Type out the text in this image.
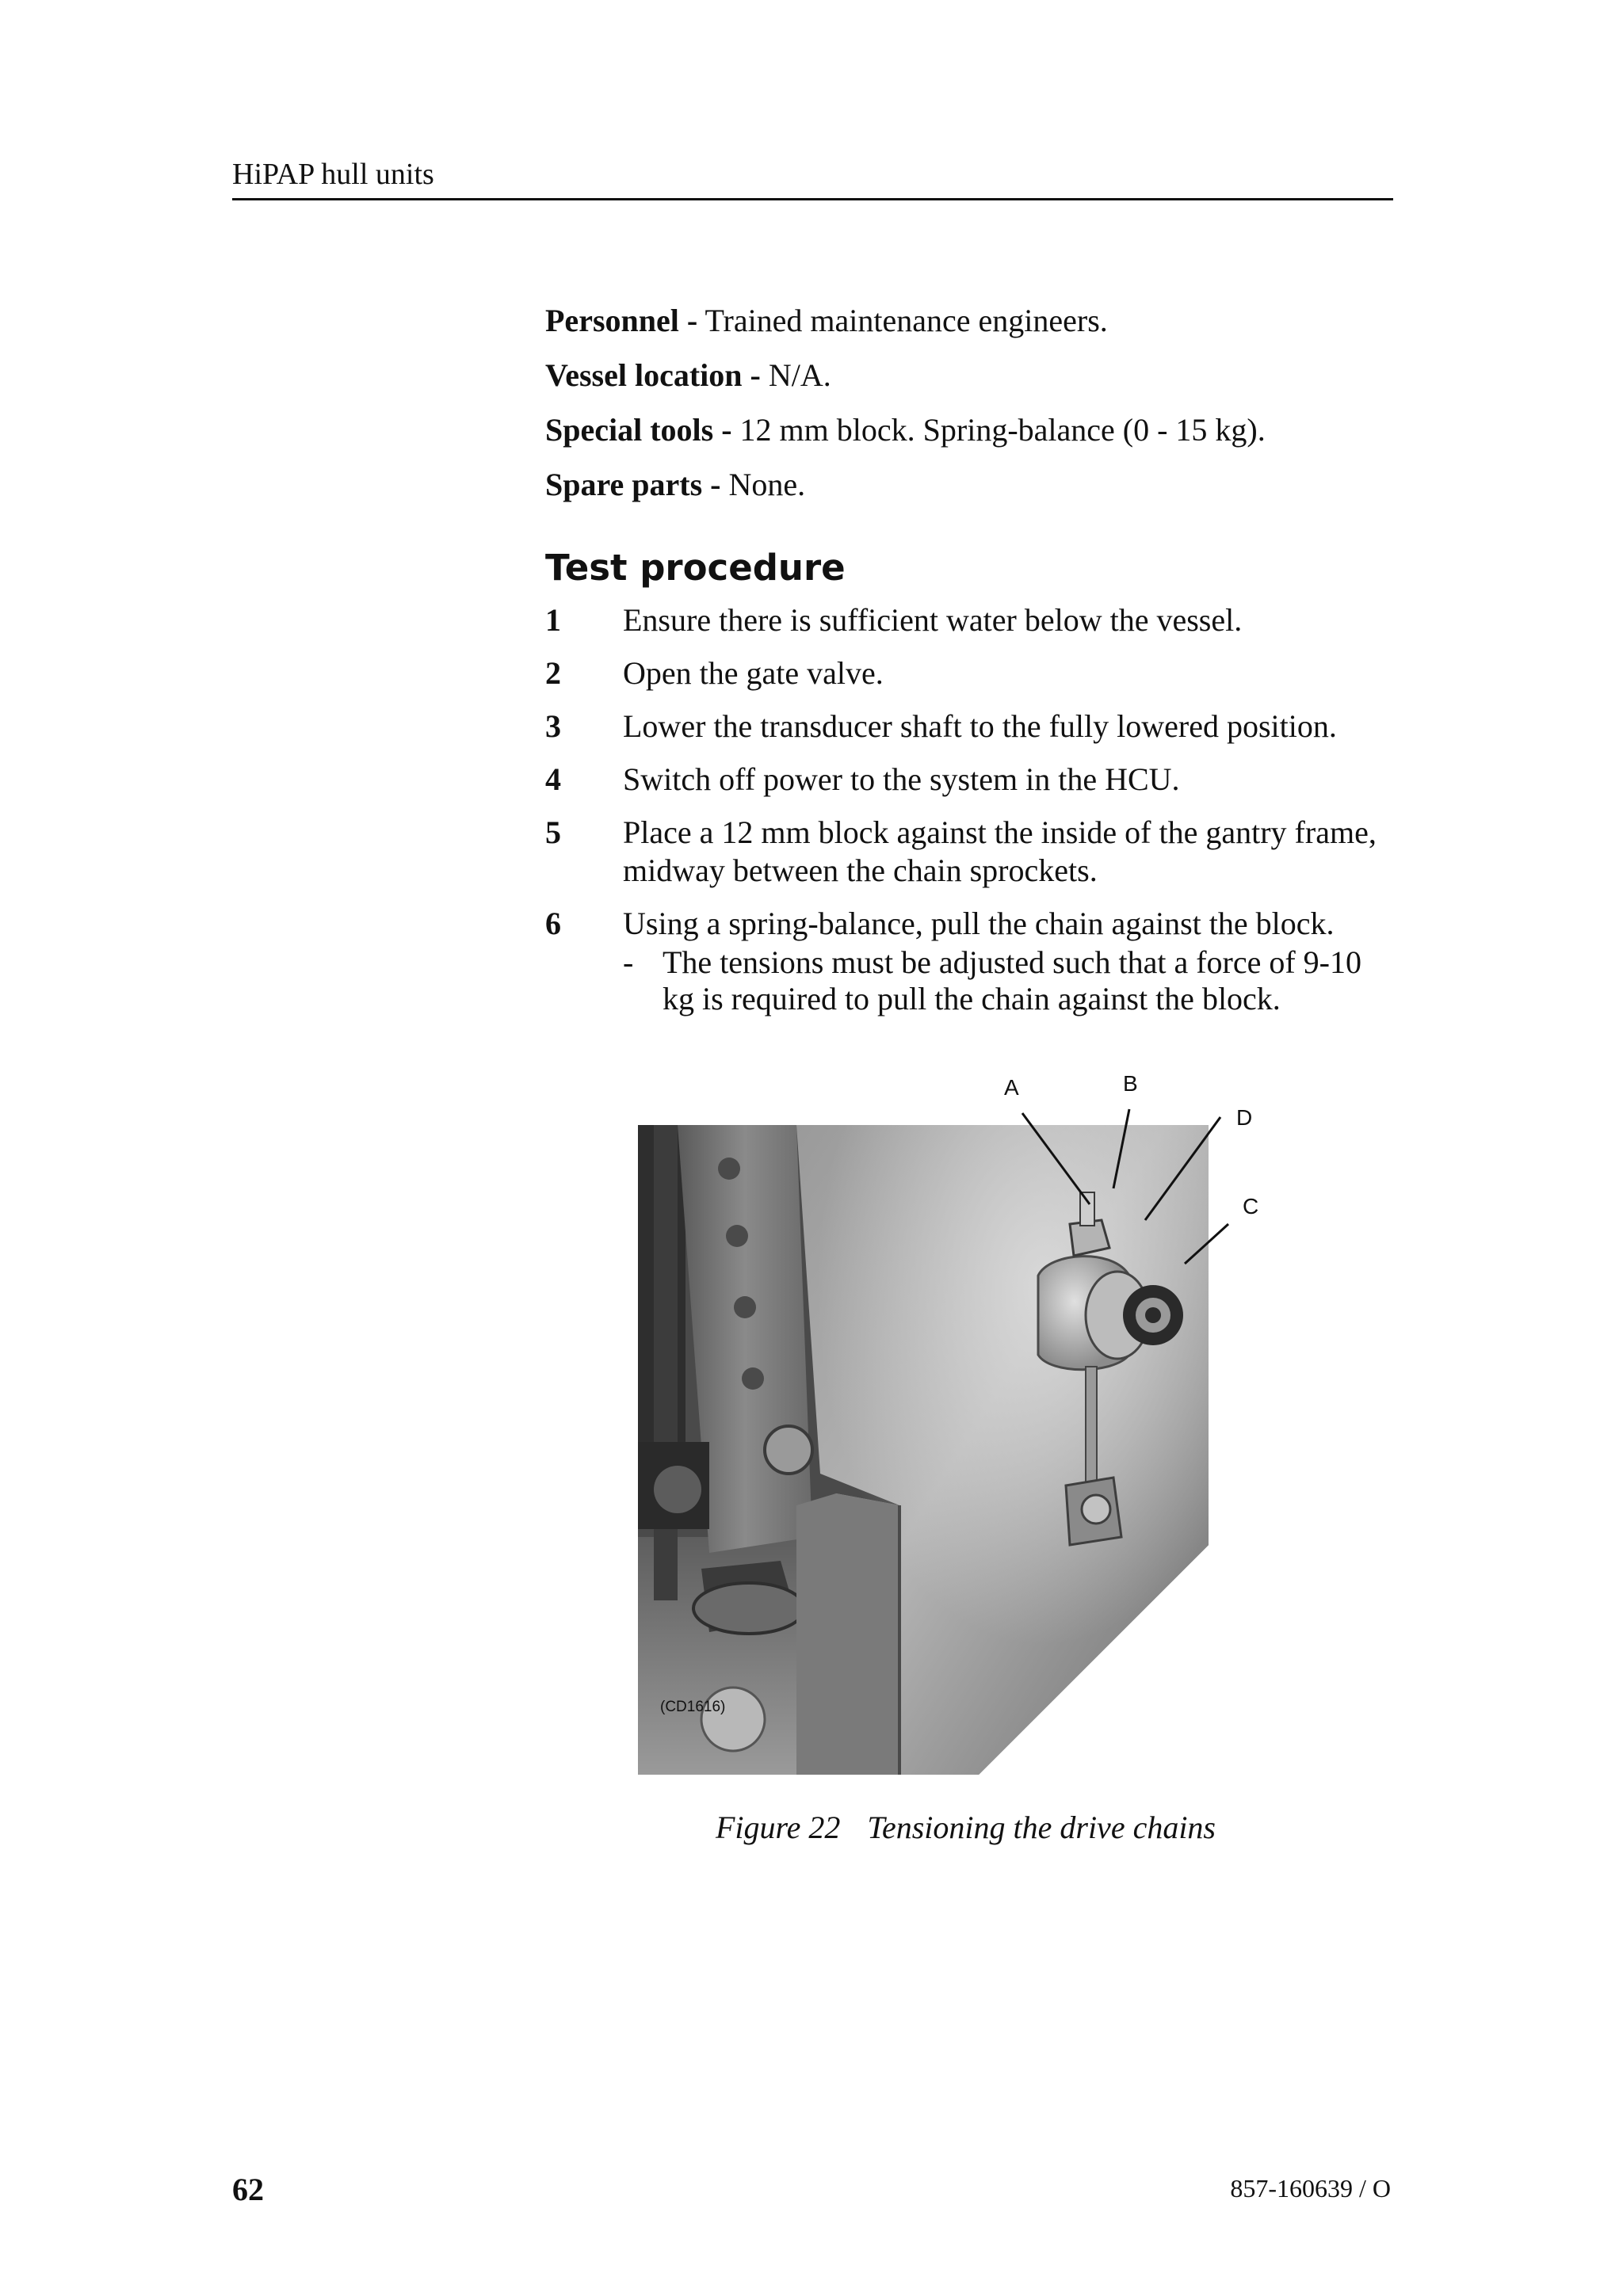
HiPAP hull units
Personnel - Trained maintenance engineers.
Vessel location - N/A.
Special tools - 12 mm block. Spring-balance (0 - 15 kg).
Spare parts - None.
Test procedure
1 Ensure there is sufficient water below the vessel.
2 Open the gate valve.
3 Lower the transducer shaft to the fully lowered position.
4 Switch off power to the system in the HCU.
5 Place a 12 mm block against the inside of the gantry frame, midway between the chain sprockets.
6 Using a spring-balance, pull the chain against the block.
- The tensions must be adjusted such that a force of 9-10 kg is required to pull the chain against the block.
A	B
D
C
(CD1616)
Figure 22 Tensioning the drive chains
62	857-160639 / O
